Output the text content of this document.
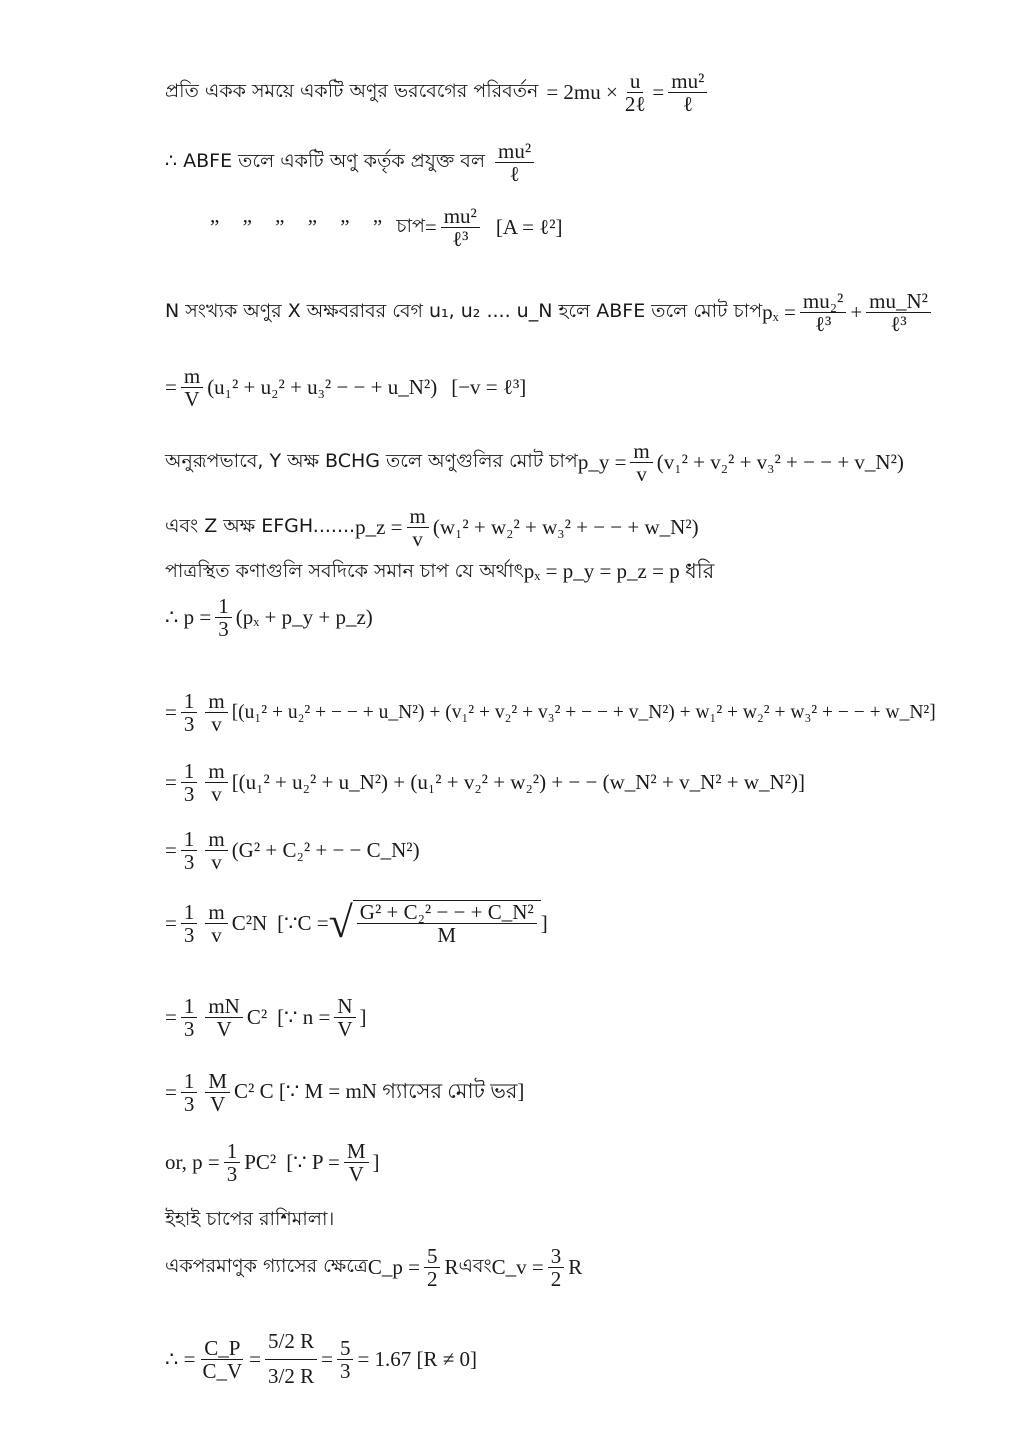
প্রতি একক সময়ে একটি অণুর ভরবেগের পরিবর্তন = $2mu \times \frac{u}{\text{2ℓ}} = \frac{\text{mu²}}{\text{ℓ}}$
∴ ABFE তলে একটি অণু কর্তৃক প্রযুক্ত বল $\frac{\text{mu²}}{\text{ℓ}}$
” ” ” ” ” ” চাপ = $\frac{\text{mu²}}{\text{ℓ³}} [A$ = ℓ²]
N সংখ্যক অণুর X অক্ষবরাবর বেগ u₁, u₂ .... u_N হলে ABFE তলে মোট চাপ $p_x = \frac{\text{mu₂²}}{\text{ℓ³}} + \frac{\text{mu\_N²}}{\text{ℓ³}}$
= $\frac{m}{V} (u_1^2 + u_2^2 + u_3^2$ − − + u_N²) [−v = ℓ³]
অনুরূপভাবে, Y অক্ষ BCHG তলে অণুগুলির মোট চাপ p_y = $\frac{m}{v} (v_1^2 + v_2^2 + v_3^2$ + − − + v_N²)
এবং Z অক্ষ EFGH....... p_z = $\frac{m}{v} (w_1^2 + w_2^2 + w_3^2$ + − − + w_N²)
পাত্রস্থিত কণাগুলি সবদিকে সমান চাপ যে অর্থাৎ pₓ = p_y = p_z = p ধরি
∴ $p = \frac{1}{3} (p_x$ + p_y + p_z)
= $\frac{1}{3} \frac{m}{v} [(u_1^2 + u_2^2$ + − − + u_N²) + (v₁² + v₂² + v₃² + − − + v_N²) + w₁² + w₂² + w₃² + − − + w_N²]
= $\frac{1}{3} \frac{m}{v} [(u_1^2 + u_2^2$ + u_N²) + (u₁² + v₂² + w₂²) + − − (w_N² + v_N² + w_N²)]
= $\frac{1}{3} \frac{m}{v} (G^2 + C_2^2$ + − − C_N²)
= $\frac{1}{3} \frac{m}{v} C^2N$ [∵C = √ $\frac{\text{G² + C₂² − − + C\_N²}}{M}$ ]
= $\frac{1}{3} \frac{mN}{V} C^2$ [∵ $n = \frac{N}{V}$ ]
= $\frac{1}{3} \frac{M}{V} C^2$ C [∵ M = mN গ্যাসের মোট ভর]
or, $p = \frac{1}{3} PC^2$ [∵ $P = \frac{M}{V}$ ]
ইহাই চাপের রাশিমালা।
একপরমাণুক গ্যাসের ক্ষেত্রে C_p = $\frac{5}{2}$ R এবং C_v = $\frac{3}{2}$ R
∴ = $\frac{C\_P}{C\_V} = \frac{5/2 R}{3/2 R} = \frac{5}{3} = 1.67$ [R ≠ 0]
